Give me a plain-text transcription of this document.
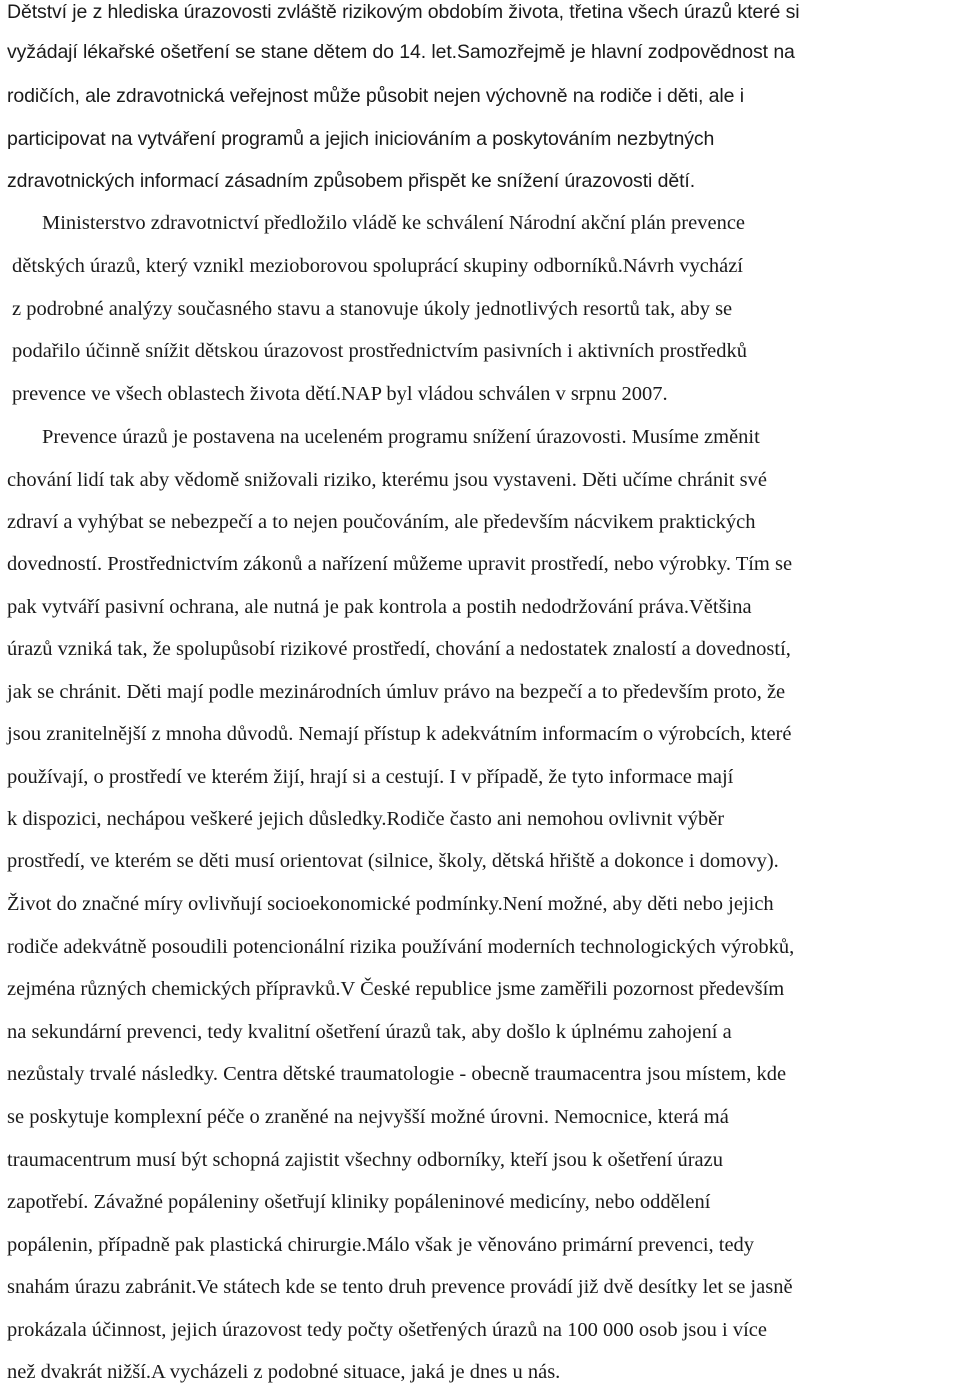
Dětství je z hlediska úrazovosti zvláště rizikovým obdobím života, třetina všech úrazů které si
vyžádají lékařské ošetření se stane dětem do 14. let.Samozřejmě je hlavní zodpovědnost na
rodičích, ale zdravotnická veřejnost může působit nejen výchovně na rodiče i děti, ale i
participovat na vytváření programů a jejich iniciováním a poskytováním nezbytných
zdravotnických informací zásadním způsobem přispět ke snížení úrazovosti dětí.
Ministerstvo zdravotnictví předložilo vládě ke schválení Národní akční plán prevence
dětských úrazů, který vznikl mezioborovou spoluprácí skupiny odborníků.Návrh vychází
z podrobné analýzy současného stavu a stanovuje úkoly jednotlivých resortů tak, aby se
podařilo účinně snížit dětskou úrazovost prostřednictvím pasivních i aktivních prostředků
prevence ve všech oblastech života dětí.NAP byl vládou schválen v srpnu 2007.
Prevence úrazů je postavena na uceleném programu snížení úrazovosti. Musíme změnit
chování lidí tak aby vědomě snižovali riziko, kterému jsou vystaveni. Děti učíme chránit své
zdraví a vyhýbat se nebezpečí a to nejen poučováním, ale především nácvikem praktických
dovedností. Prostřednictvím zákonů a nařízení můžeme upravit prostředí, nebo výrobky. Tím se
pak vytváří pasivní ochrana, ale nutná je pak kontrola a postih nedodržování práva.Většina
úrazů vzniká tak, že spolupůsobí rizikové prostředí, chování a nedostatek znalostí a dovedností,
jak se chránit. Děti mají podle mezinárodních úmluv právo na bezpečí a to především proto, že
jsou zranitelnější z mnoha důvodů. Nemají přístup k adekvátním informacím o výrobcích, které
používají, o prostředí ve kterém žijí, hrají si a cestují. I v případě, že tyto informace mají
k dispozici, nechápou veškeré jejich důsledky.Rodiče často ani nemohou ovlivnit výběr
prostředí, ve kterém se děti musí orientovat (silnice, školy, dětská hřiště a dokonce i domovy).
Život do značné míry ovlivňují socioekonomické podmínky.Není možné, aby děti nebo jejich
rodiče adekvátně posoudili potencionální rizika používání moderních technologických výrobků,
zejména různých chemických přípravků.V České republice jsme zaměřili pozornost především
na sekundární prevenci, tedy kvalitní ošetření úrazů tak, aby došlo k úplnému zahojení a
nezůstaly trvalé následky. Centra dětské traumatologie - obecně traumacentra jsou místem, kde
se poskytuje komplexní péče o zraněné na nejvyšší možné úrovni. Nemocnice, která má
traumacentrum musí být schopná zajistit všechny odborníky, kteří jsou k ošetření úrazu
zapotřebí. Závažné popáleniny ošetřují kliniky popáleninové medicíny, nebo oddělení
popálenin, případně pak plastická chirurgie.Málo však je věnováno primární prevenci, tedy
snahám úrazu zabránit.Ve státech kde se tento druh prevence provádí již dvě desítky let se jasně
prokázala účinnost, jejich úrazovost tedy počty ošetřených úrazů na 100 000 osob jsou i více
než dvakrát nižší.A vycházeli z podobné situace, jaká je dnes u nás.
